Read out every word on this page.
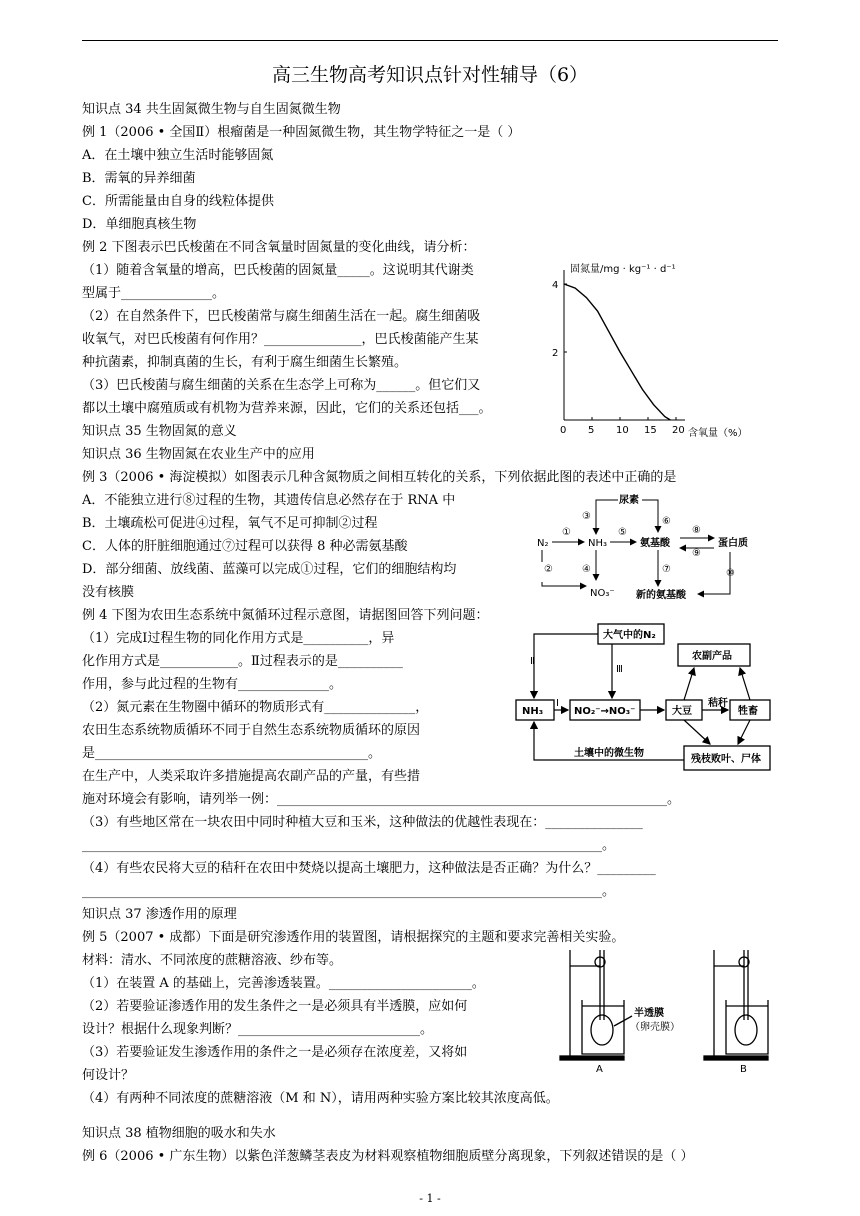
高三生物高考知识点针对性辅导（6）
知识点 34 共生固氮微生物与自生固氮微生物
例 1（2006 • 全国Ⅱ）根瘤菌是一种固氮微生物，其生物学特征之一是（ ）
A．在土壤中独立生活时能够固氮
B．需氧的异养细菌
C．所需能量由自身的线粒体提供
D．单细胞真核生物
例 2 下图表示巴氏梭菌在不同含氧量时固氮量的变化曲线，请分析：
（1）随着含氧量的增高，巴氏梭菌的固氮量_____。这说明其代谢类
型属于______________。
（2）在自然条件下，巴氏梭菌常与腐生细菌生活在一起。腐生细菌吸
收氧气，对巴氏梭菌有何作用？_______________，巴氏梭菌能产生某
种抗菌素，抑制真菌的生长，有利于腐生细菌生长繁殖。
（3）巴氏梭菌与腐生细菌的关系在生态学上可称为______。但它们又
都以土壤中腐殖质或有机物为营养来源，因此，它们的关系还包括___。
知识点 35 生物固氮的意义
知识点 36 生物固氮在农业生产中的应用
例 3（2006 • 海淀模拟）如图表示几种含氮物质之间相互转化的关系，下列依据此图的表述中正确的是
A．不能独立进行⑧过程的生物，其遗传信息必然存在于 RNA 中
B．土壤疏松可促进④过程，氧气不足可抑制②过程
C．人体的肝脏细胞通过⑦过程可以获得 8 种必需氨基酸
D．部分细菌、放线菌、蓝藻可以完成①过程，它们的细胞结构均
没有核膜
例 4 下图为农田生态系统中氮循环过程示意图，请据图回答下列问题：
（1）完成Ⅰ过程生物的同化作用方式是__________，异
化作用方式是____________。Ⅱ过程表示的是__________
作用，参与此过程的生物有______________。
（2）氮元素在生物圈中循环的物质形式有______________，
农田生态系统物质循环不同于自然生态系统物质循环的原因
是__________________________________________。
在生产中，人类采取许多措施提高农副产品的产量，有些措
施对环境会有影响，请列举一例：____________________________________________________________。
（3）有些地区常在一块农田中同时种植大豆和玉米，这种做法的优越性表现在：_______________
________________________________________________________________________________。
（4）有些农民将大豆的秸秆在农田中焚烧以提高土壤肥力，这种做法是否正确？为什么？_________
________________________________________________________________________________。
知识点 37 渗透作用的原理
例 5（2007 • 成都）下面是研究渗透作用的装置图，请根据探究的主题和要求完善相关实验。
材料：清水、不同浓度的蔗糖溶液、纱布等。
（1）在装置 A 的基础上，完善渗透装置。______________________。
（2）若要验证渗透作用的发生条件之一是必须具有半透膜，应如何
设计？根据什么现象判断？____________________________。
（3）若要验证发生渗透作用的条件之一是必须存在浓度差，又将如
何设计？
（4）有两种不同浓度的蔗糖溶液（M 和 N），请用两种实验方案比较其浓度高低。
知识点 38 植物细胞的吸水和失水
例 6（2006 • 广东生物）以紫色洋葱鳞茎表皮为材料观察植物细胞质壁分离现象，下列叙述错误的是（ ）
固氮量/mg · kg⁻¹ · d⁻¹
0 5 10 15 20
4
2
含氧量（%）
N₂	NH₃
NO₃⁻
尿素
氨基酸	蛋白质
新的氨基酸
①
②
③
④
⑤
⑥
⑦
⑧
⑨
⑩
大气中的N₂
NH₃	NO₂⁻→NO₃⁻	大豆	牲畜
农副产品
残枝败叶、尸体
土壤中的微生物
秸秆
Ⅰ
Ⅱ
Ⅲ
半透膜
（卵壳膜）
A	B
- 1 -
